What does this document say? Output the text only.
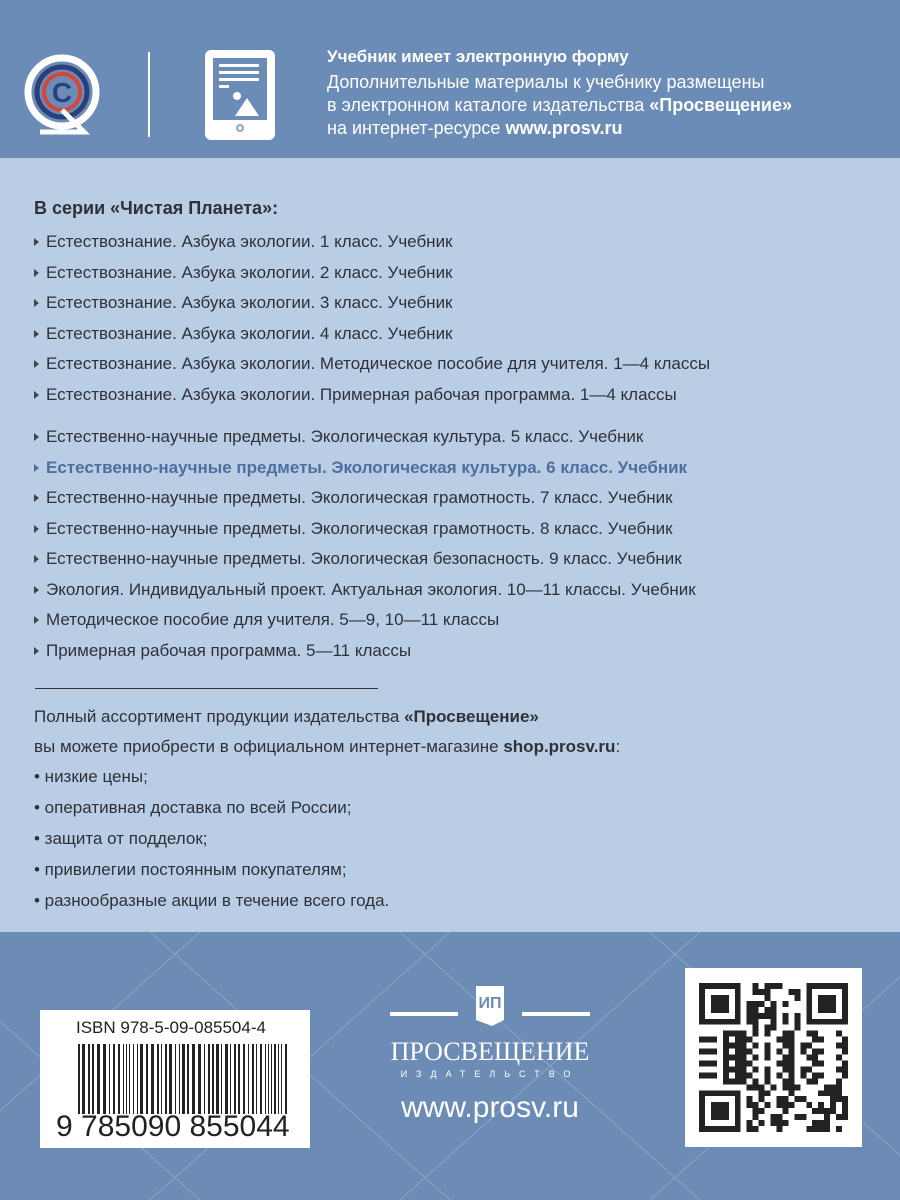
C
Учебник имеет электронную форму
Дополнительные материалы к учебнику размещены
в электронном каталоге издательства «Просвещение»
на интернет-ресурсе www.prosv.ru
В серии «Чистая Планета»:
Естествознание. Азбука экологии. 1 класс. Учебник
Естествознание. Азбука экологии. 2 класс. Учебник
Естествознание. Азбука экологии. 3 класс. Учебник
Естествознание. Азбука экологии. 4 класс. Учебник
Естествознание. Азбука экологии. Методическое пособие для учителя. 1—4 классы
Естествознание. Азбука экологии. Примерная рабочая программа. 1—4 классы
Естественно-научные предметы. Экологическая культура. 5 класс. Учебник
Естественно-научные предметы. Экологическая культура. 6 класс. Учебник
Естественно-научные предметы. Экологическая грамотность. 7 класс. Учебник
Естественно-научные предметы. Экологическая грамотность. 8 класс. Учебник
Естественно-научные предметы. Экологическая безопасность. 9 класс. Учебник
Экология. Индивидуальный проект. Актуальная экология. 10—11 классы. Учебник
Методическое пособие для учителя. 5—9, 10—11 классы
Примерная рабочая программа. 5—11 классы
Полный ассортимент продукции издательства «Просвещение»
вы можете приобрести в официальном интернет-магазине shop.prosv.ru:
• низкие цены;
• оперативная доставка по всей России;
• защита от подделок;
• привилегии постоянным покупателям;
• разнообразные акции в течение всего года.
ISBN 978-5-09-085504-4
9 785090 855044
ИП
ПРОСВЕЩЕНИЕ
ИЗДАТЕЛЬСТВО
www.prosv.ru
